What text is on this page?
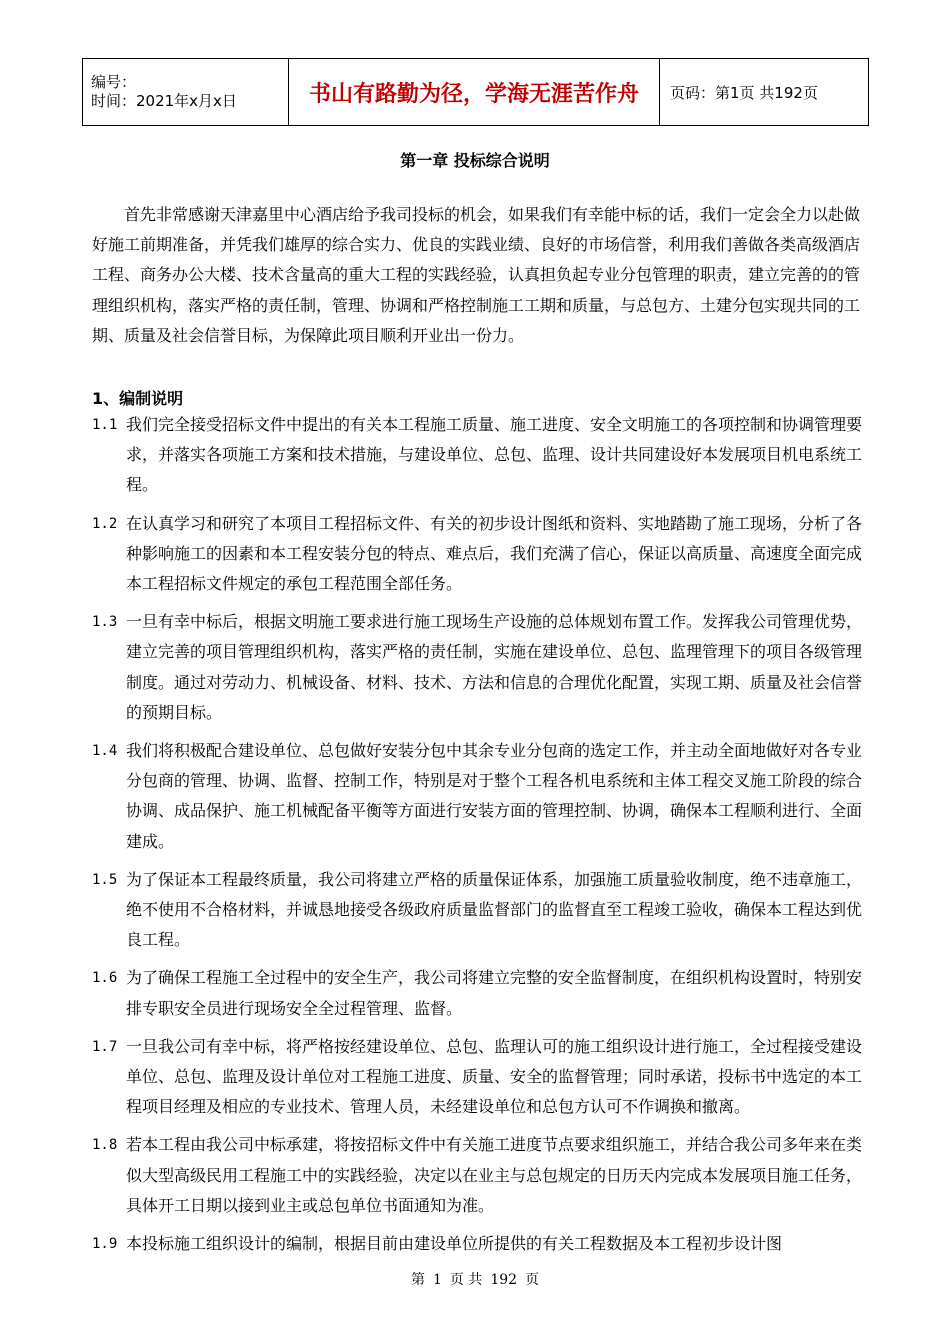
编号：
时间：2021年x月x日	书山有路勤为径，学海无涯苦作舟	页码：第1页 共192页
第一章 投标综合说明

首先非常感谢天津嘉里中心酒店给予我司投标的机会，如果我们有幸能中标的话，我们一定会全力以赴做好施工前期准备，并凭我们雄厚的综合实力、优良的实践业绩、良好的市场信誉，利用我们善做各类高级酒店工程、商务办公大楼、技术含量高的重大工程的实践经验，认真担负起专业分包管理的职责，建立完善的的管理组织机构，落实严格的责任制，管理、协调和严格控制施工工期和质量，与总包方、土建分包实现共同的工期、质量及社会信誉目标，为保障此项目顺利开业出一份力。

1、编制说明
1.1 我们完全接受招标文件中提出的有关本工程施工质量、施工进度、安全文明施工的各项控制和协调管理要求，并落实各项施工方案和技术措施，与建设单位、总包、监理、设计共同建设好本发展项目机电系统工程。
1.2 在认真学习和研究了本项目工程招标文件、有关的初步设计图纸和资料、实地踏勘了施工现场，分析了各种影响施工的因素和本工程安装分包的特点、难点后，我们充满了信心，保证以高质量、高速度全面完成本工程招标文件规定的承包工程范围全部任务。
1.3 一旦有幸中标后，根据文明施工要求进行施工现场生产设施的总体规划布置工作。发挥我公司管理优势，建立完善的项目管理组织机构，落实严格的责任制，实施在建设单位、总包、监理管理下的项目各级管理制度。通过对劳动力、机械设备、材料、技术、方法和信息的合理优化配置，实现工期、质量及社会信誉的预期目标。
1.4 我们将积极配合建设单位、总包做好安装分包中其余专业分包商的选定工作，并主动全面地做好对各专业分包商的管理、协调、监督、控制工作，特别是对于整个工程各机电系统和主体工程交叉施工阶段的综合协调、成品保护、施工机械配备平衡等方面进行安装方面的管理控制、协调，确保本工程顺利进行、全面建成。
1.5 为了保证本工程最终质量，我公司将建立严格的质量保证体系，加强施工质量验收制度，绝不违章施工，绝不使用不合格材料，并诚恳地接受各级政府质量监督部门的监督直至工程竣工验收，确保本工程达到优良工程。
1.6 为了确保工程施工全过程中的安全生产，我公司将建立完整的安全监督制度，在组织机构设置时，特别安排专职安全员进行现场安全全过程管理、监督。
1.7 一旦我公司有幸中标，将严格按经建设单位、总包、监理认可的施工组织设计进行施工，全过程接受建设单位、总包、监理及设计单位对工程施工进度、质量、安全的监督管理；同时承诺，投标书中选定的本工程项目经理及相应的专业技术、管理人员，未经建设单位和总包方认可不作调换和撤离。
1.8 若本工程由我公司中标承建，将按招标文件中有关施工进度节点要求组织施工，并结合我公司多年来在类似大型高级民用工程施工中的实践经验，决定以在业主与总包规定的日历天内完成本发展项目施工任务，具体开工日期以接到业主或总包单位书面通知为准。
1.9 本投标施工组织设计的编制，根据目前由建设单位所提供的有关工程数据及本工程初步设计图
第 1 页 共 192 页
